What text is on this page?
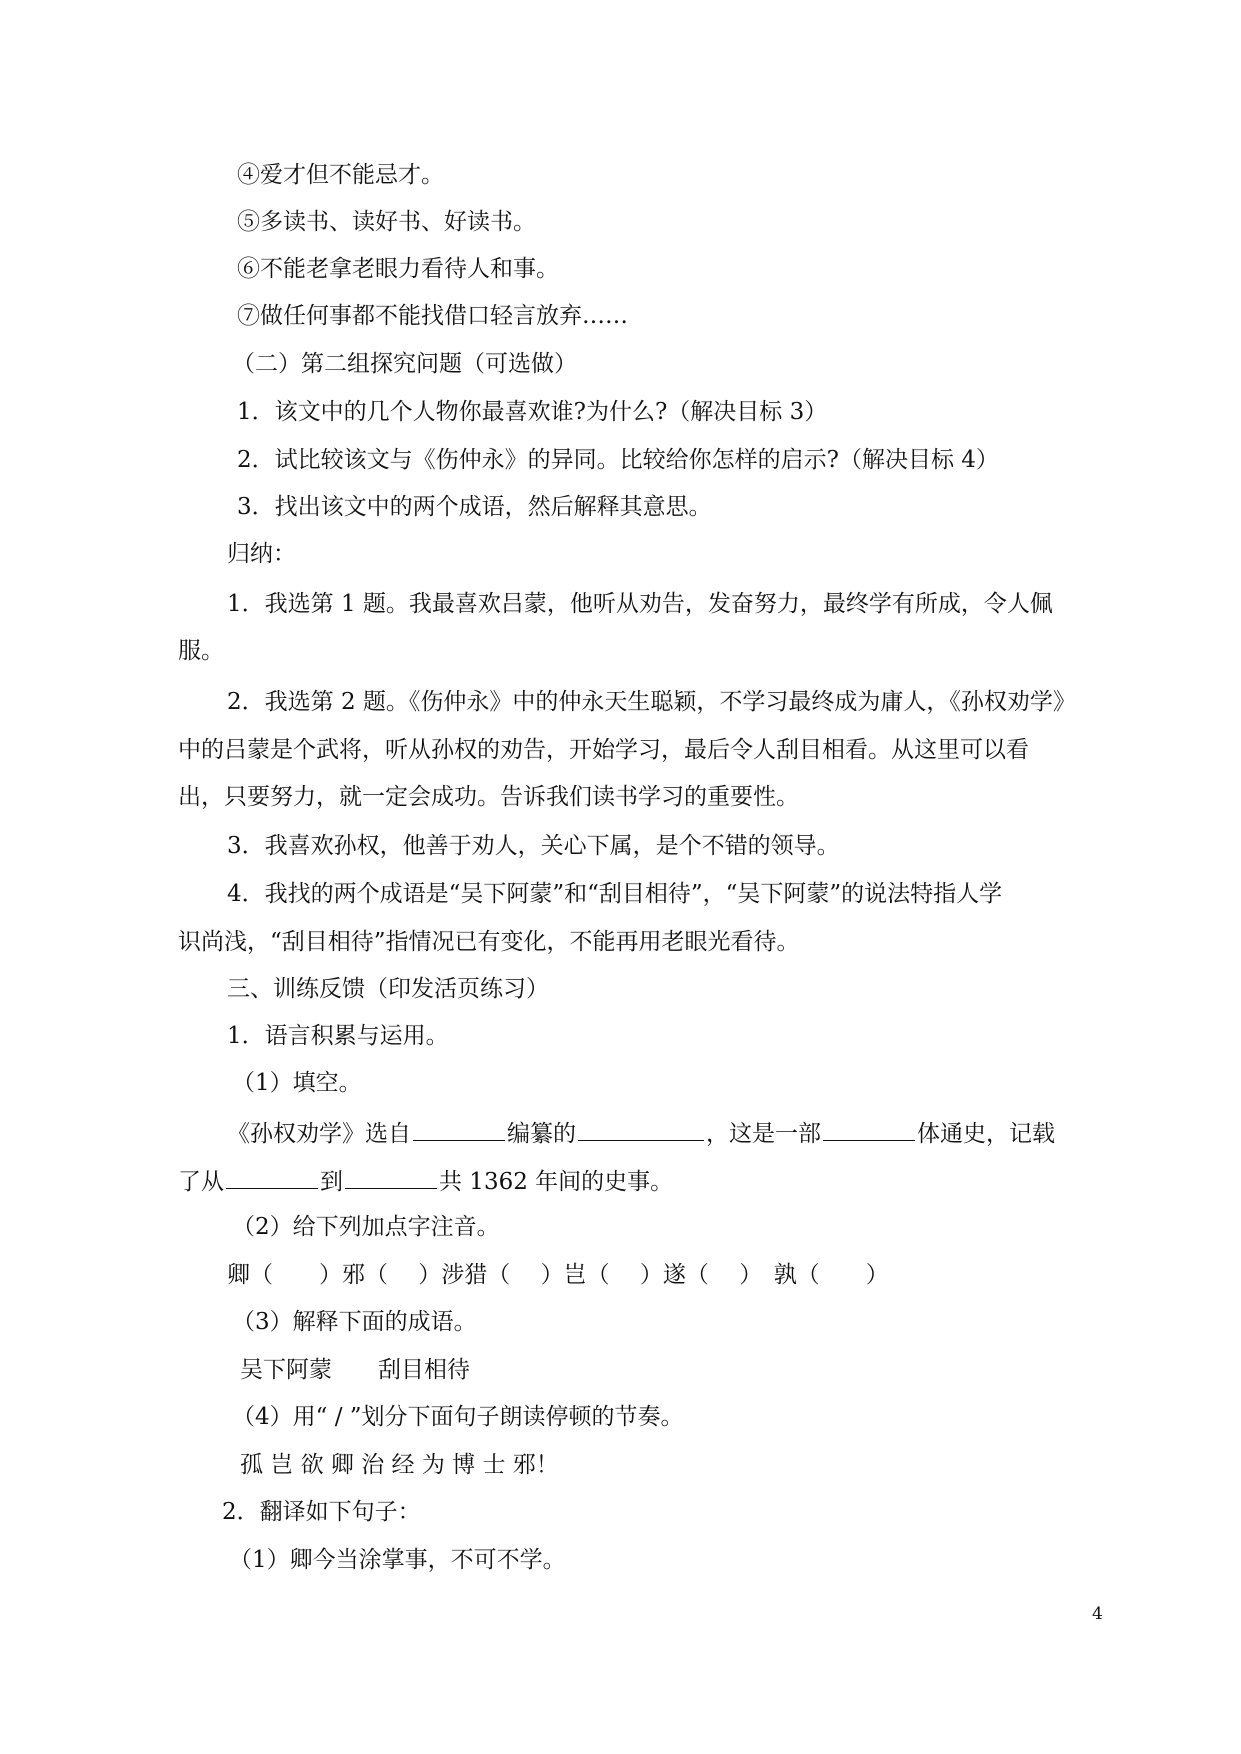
④爱才但不能忌才。
⑤多读书、读好书、好读书。
⑥不能老拿老眼力看待人和事。
⑦做任何事都不能找借口轻言放弃……
（二）第二组探究问题（可选做）
1．该文中的几个人物你最喜欢谁?为什么?（解决目标 3）
2．试比较该文与《伤仲永》的异同。比较给你怎样的启示?（解决目标 4）
3．找出该文中的两个成语，然后解释其意思。
归纳：
1．我选第 1 题。我最喜欢吕蒙，他听从劝告，发奋努力，最终学有所成，令人佩
服。
2．我选第 2 题。《伤仲永》中的仲永天生聪颖，不学习最终成为庸人，《孙权劝学》
中的吕蒙是个武将，听从孙权的劝告，开始学习，最后令人刮目相看。从这里可以看
出，只要努力，就一定会成功。告诉我们读书学习的重要性。
3．我喜欢孙权，他善于劝人，关心下属，是个不错的领导。
4．我找的两个成语是“吴下阿蒙”和“刮目相待”，“吴下阿蒙”的说法特指人学
识尚浅，“刮目相待”指情况已有变化，不能再用老眼光看待。
三、训练反馈（印发活页练习）
1．语言积累与运用。
（1）填空。
《孙权劝学》选自	编纂的	，这是一部	体通史，记载
了从	到	共 1362 年间的史事。
（2）给下列加点字注音。
卿（　　）邪（　 ）涉猎（　 ）岂（　 ）遂（　 ）　孰（　　）
（3）解释下面的成语。
吴下阿蒙　　刮目相待
（4）用“ / ”划分下面句子朗读停顿的节奏。
孤 岂 欲 卿 治 经 为 博 士 邪！
2．翻译如下句子：
（1）卿今当涂掌事，不可不学。
4
